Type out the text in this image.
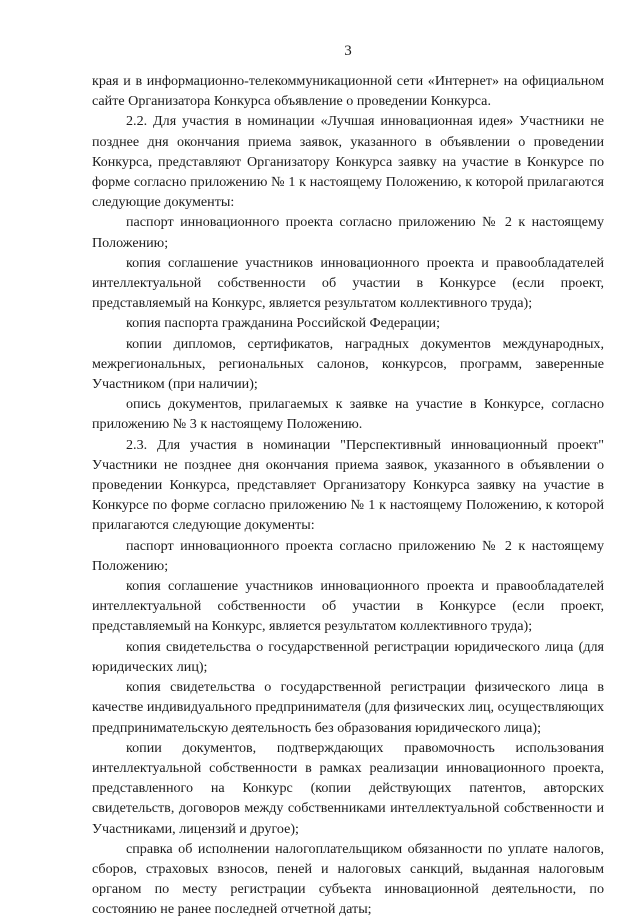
3

края и в информационно-телекоммуникационной сети «Интернет» на официальном сайте Организатора Конкурса объявление о проведении Конкурса.

2.2. Для участия в номинации «Лучшая инновационная идея» Участники не позднее дня окончания приема заявок, указанного в объявлении о проведении Конкурса, представляют Организатору Конкурса заявку на участие в Конкурсе по форме согласно приложению № 1 к настоящему Положению, к которой прилагаются следующие документы:

паспорт инновационного проекта согласно приложению № 2 к настоящему Положению;

копия соглашение участников инновационного проекта и правообладателей интеллектуальной собственности об участии в Конкурсе (если проект, представляемый на Конкурс, является результатом коллективного труда);

копия паспорта гражданина Российской Федерации;

копии дипломов, сертификатов, наградных документов международных, межрегиональных, региональных салонов, конкурсов, программ, заверенные Участником (при наличии);

опись документов, прилагаемых к заявке на участие в Конкурсе, согласно приложению № 3 к настоящему Положению.

2.3. Для участия в номинации "Перспективный инновационный проект" Участники не позднее дня окончания приема заявок, указанного в объявлении о проведении Конкурса, представляет Организатору Конкурса заявку на участие в Конкурсе по форме согласно приложению № 1 к настоящему Положению, к которой прилагаются следующие документы:

паспорт инновационного проекта согласно приложению № 2 к настоящему Положению;

копия соглашение участников инновационного проекта и правообладателей интеллектуальной собственности об участии в Конкурсе (если проект, представляемый на Конкурс, является результатом коллективного труда);

копия свидетельства о государственной регистрации юридического лица (для юридических лиц);

копия свидетельства о государственной регистрации физического лица в качестве индивидуального предпринимателя (для физических лиц, осуществляющих предпринимательскую деятельность без образования юридического лица);

копии документов, подтверждающих правомочность использования интеллектуальной собственности в рамках реализации инновационного проекта, представленного на Конкурс (копии действующих патентов, авторских свидетельств, договоров между собственниками интеллектуальной собственности и Участниками, лицензий и другое);

справка об исполнении налогоплательщиком обязанности по уплате налогов, сборов, страховых взносов, пеней и налоговых санкций, выданная налоговым органом по месту регистрации субъекта инновационной деятельности, по состоянию не ранее последней отчетной даты;
